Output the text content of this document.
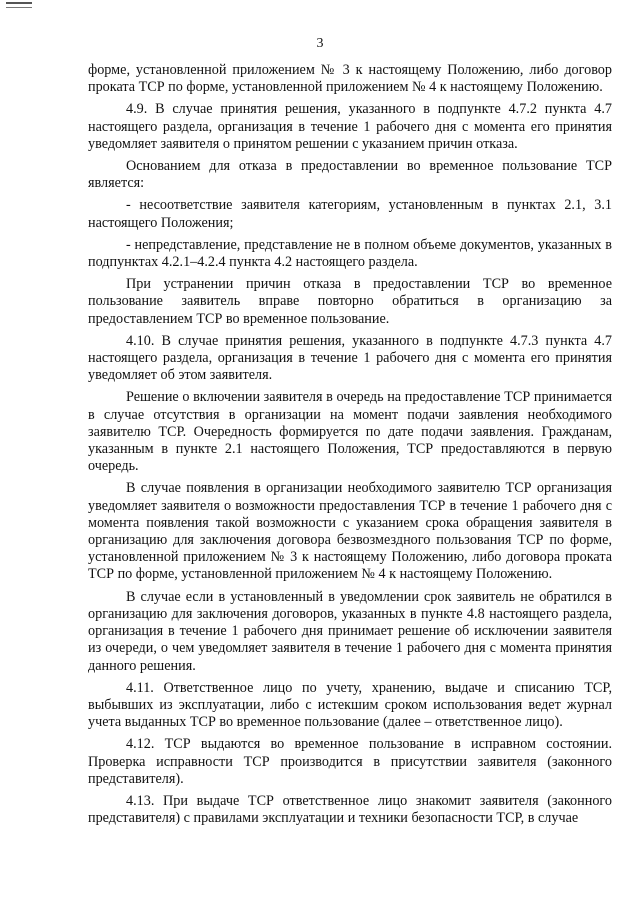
3

форме, установленной приложением № 3 к настоящему Положению, либо договор проката ТСР по форме, установленной приложением № 4 к настоящему Положению.

4.9. В случае принятия решения, указанного в подпункте 4.7.2 пункта 4.7 настоящего раздела, организация в течение 1 рабочего дня с момента его принятия уведомляет заявителя о принятом решении с указанием причин отказа.

Основанием для отказа в предоставлении во временное пользование ТСР является:

- несоответствие заявителя категориям, установленным в пунктах 2.1, 3.1 настоящего Положения;

- непредставление, представление не в полном объеме документов, указанных в подпунктах 4.2.1–4.2.4 пункта 4.2 настоящего раздела.

При устранении причин отказа в предоставлении ТСР во временное пользование заявитель вправе повторно обратиться в организацию за предоставлением ТСР во временное пользование.

4.10. В случае принятия решения, указанного в подпункте 4.7.3 пункта 4.7 настоящего раздела, организация в течение 1 рабочего дня с момента его принятия уведомляет об этом заявителя.

Решение о включении заявителя в очередь на предоставление ТСР принимается в случае отсутствия в организации на момент подачи заявления необходимого заявителю ТСР. Очередность формируется по дате подачи заявления. Гражданам, указанным в пункте 2.1 настоящего Положения, ТСР предоставляются в первую очередь.

В случае появления в организации необходимого заявителю ТСР организация уведомляет заявителя о возможности предоставления ТСР в течение 1 рабочего дня с момента появления такой возможности с указанием срока обращения заявителя в организацию для заключения договора безвозмездного пользования ТСР по форме, установленной приложением № 3 к настоящему Положению, либо договора проката ТСР по форме, установленной приложением № 4 к настоящему Положению.

В случае если в установленный в уведомлении срок заявитель не обратился в организацию для заключения договоров, указанных в пункте 4.8 настоящего раздела, организация в течение 1 рабочего дня принимает решение об исключении заявителя из очереди, о чем уведомляет заявителя в течение 1 рабочего дня с момента принятия данного решения.

4.11. Ответственное лицо по учету, хранению, выдаче и списанию ТСР, выбывших из эксплуатации, либо с истекшим сроком использования ведет журнал учета выданных ТСР во временное пользование (далее – ответственное лицо).

4.12. ТСР выдаются во временное пользование в исправном состоянии. Проверка исправности ТСР производится в присутствии заявителя (законного представителя).

4.13. При выдаче ТСР ответственное лицо знакомит заявителя (законного представителя) с правилами эксплуатации и техники безопасности ТСР, в случае
